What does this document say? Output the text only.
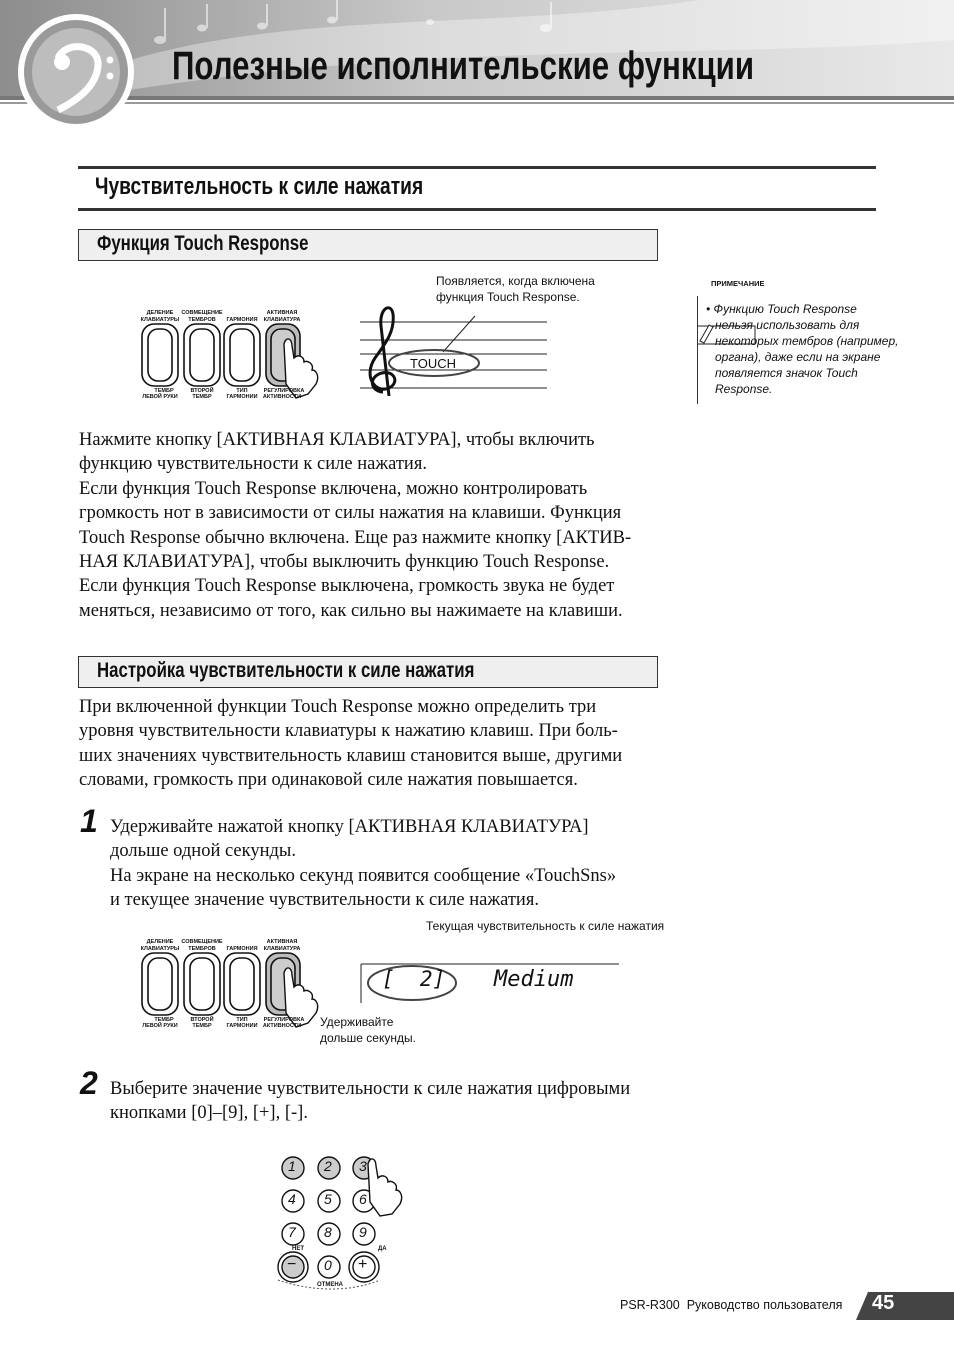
Полезные исполнительские функции
Чувствительность к силе нажатия
Функция Touch Response
ДЕЛЕНИЕ
КЛАВИАТУРЫ
СОВМЕЩЕНИЕ
ТЕМБРОВ ГАРМОНИЯ
АКТИВНАЯ
КЛАВИАТУРА
ТЕМБР
ЛЕВОЙ РУКИ
ВТОРОЙ
ТЕМБР
ТИП
ГАРМОНИИ
РЕГУЛИРОВКА
АКТИВНОСТИ
Появляется, когда включена
функция Touch Response.
TOUCH
ПРИМЕЧАНИЕ
• Функцию Touch Response
нельзя использовать для
некоторых тембров (например,
органа), даже если на экране
появляется значок Touch
Response.
Нажмите кнопку [АКТИВНАЯ КЛАВИАТУРА], чтобы включить
функцию чувствительности к силе нажатия.
Если функция Touch Response включена, можно контролировать
громкость нот в зависимости от силы нажатия на клавиши. Функция
Touch Response обычно включена. Еще раз нажмите кнопку [АКТИВ-
НАЯ КЛАВИАТУРА], чтобы выключить функцию Touch Response.
Если функция Touch Response выключена, громкость звука не будет
меняться, независимо от того, как сильно вы нажимаете на клавиши.
Настройка чувствительности к силе нажатия
При включенной функции Touch Response можно определить три
уровня чувствительности клавиатуры к нажатию клавиш. При боль-
ших значениях чувствительность клавиш становится выше, другими
словами, громкость при одинаковой силе нажатия повышается.
1 Удерживайте нажатой кнопку [АКТИВНАЯ КЛАВИАТУРА]
дольше одной секунды.
На экране на несколько секунд появится сообщение «TouchSns»
и текущее значение чувствительности к силе нажатия.
Текущая чувствительность к силе нажатия
ДЕЛЕНИЕ
КЛАВИАТУРЫ
СОВМЕЩЕНИЕ
ТЕМБРОВ ГАРМОНИЯ
АКТИВНАЯ
КЛАВИАТУРА
ТЕМБР
ЛЕВОЙ РУКИ
ВТОРОЙ
ТЕМБР
ТИП
ГАРМОНИИ
РЕГУЛИРОВКА
АКТИВНОСТИ
[  2] Medium
Удерживайте
дольше секунды.
2 Выберите значение чувствительности к силе нажатия цифровыми
кнопками [0]–[9], [+], [-].
1 2 3
4 5 6
7 8 9
− 0 +
НЕТ	ДА
ОТМЕНА
PSR-R300 Руководство пользователя 45
